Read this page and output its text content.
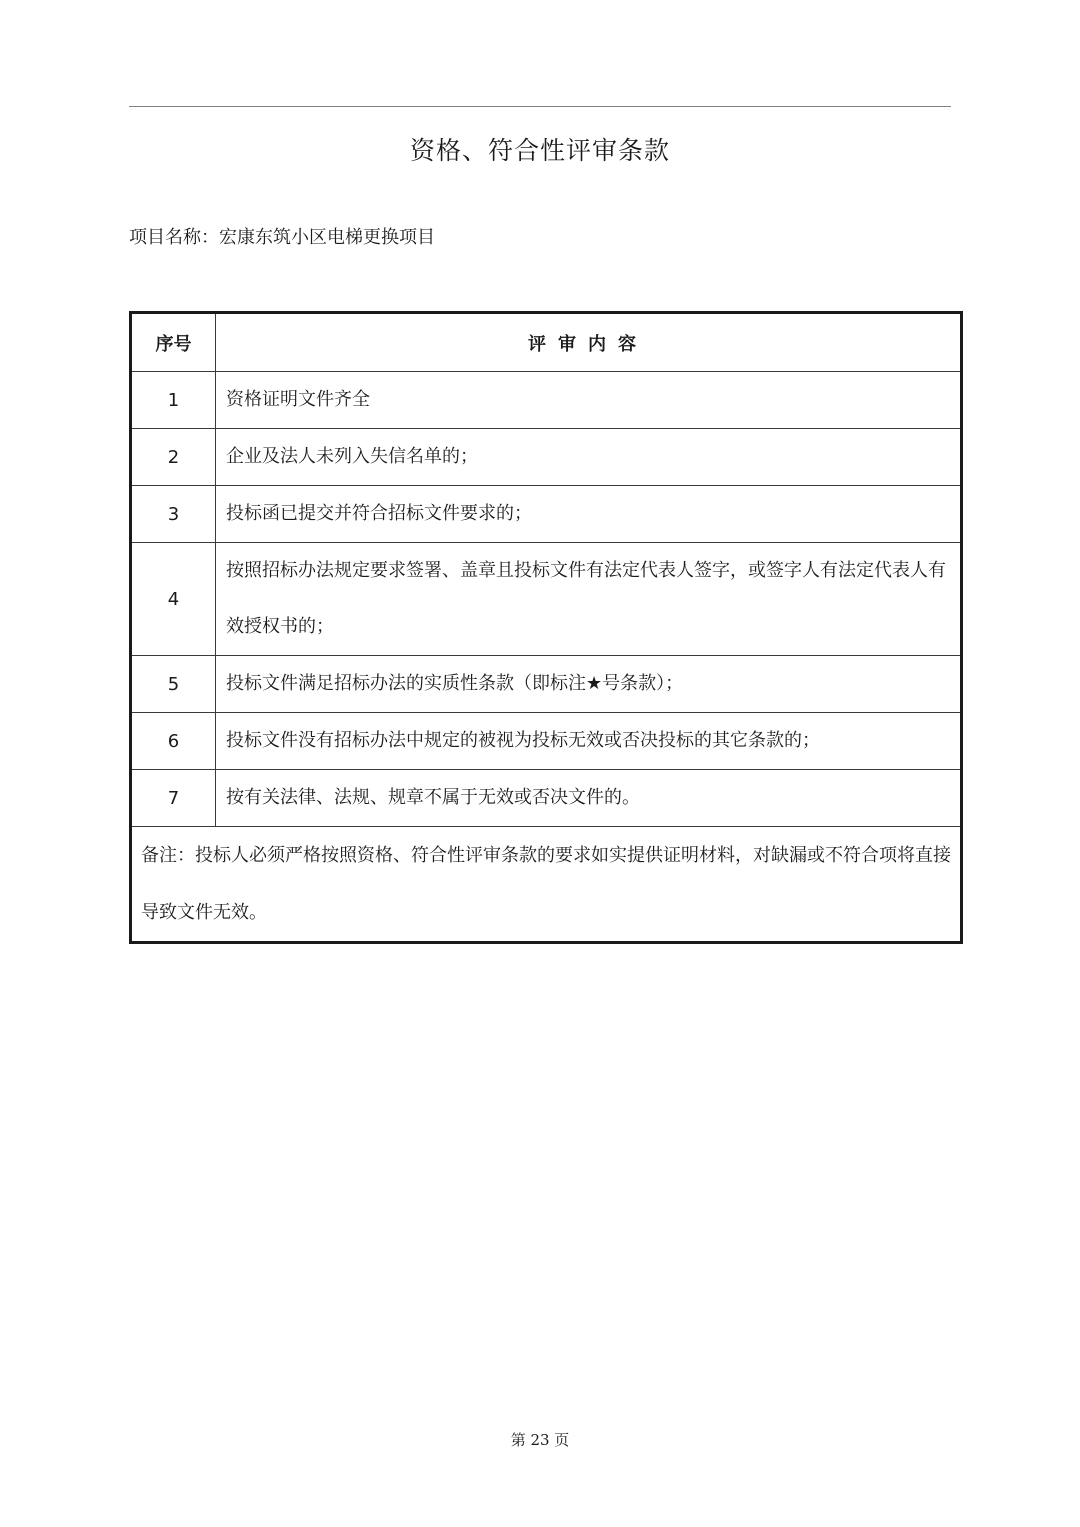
资格、符合性评审条款
项目名称：宏康东筑小区电梯更换项目
序号	评审内容
1	资格证明文件齐全
2	企业及法人未列入失信名单的；
3	投标函已提交并符合招标文件要求的；
4	按照招标办法规定要求签署、盖章且投标文件有法定代表人签字，或签字人有法定代表人有效授权书的；
5	投标文件满足招标办法的实质性条款（即标注★号条款）；
6	投标文件没有招标办法中规定的被视为投标无效或否决投标的其它条款的；
7	按有关法律、法规、规章不属于无效或否决文件的。
备注：投标人必须严格按照资格、符合性评审条款的要求如实提供证明材料，对缺漏或不符合项将直接导致文件无效。	
第 23 页
